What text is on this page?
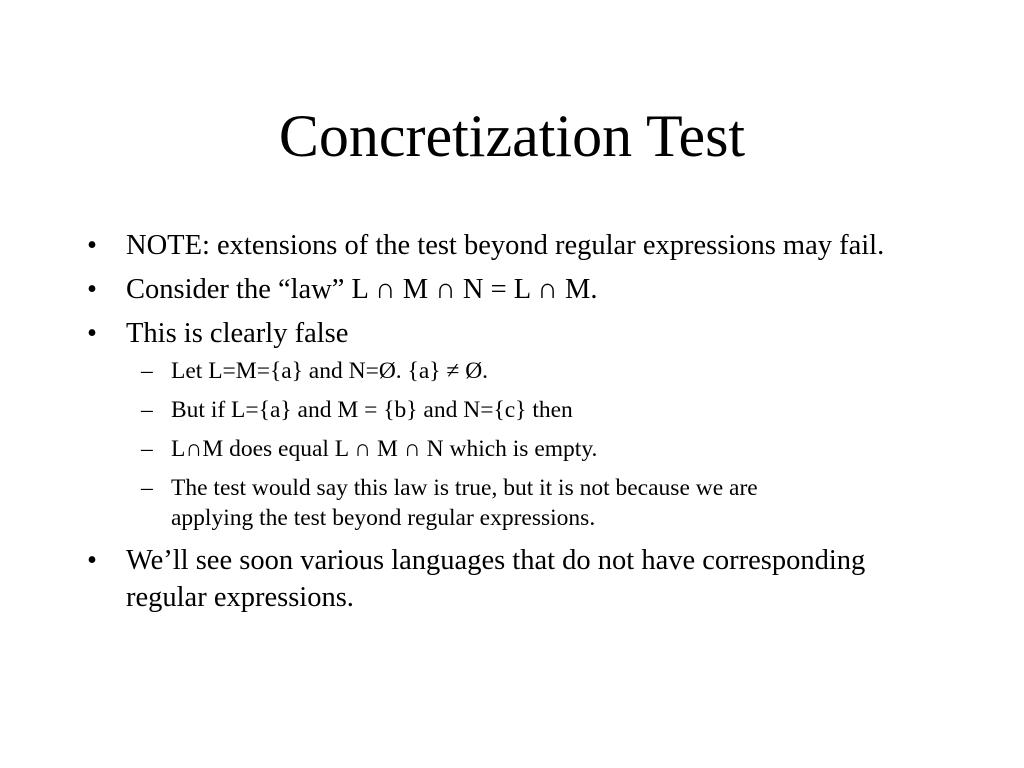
Concretization Test
• NOTE: extensions of the test beyond regular expressions may fail.
• Consider the “law” L ∩ M ∩ N = L ∩ M.
• This is clearly false
– Let L=M={a} and N=Ø. {a} ≠ Ø.
– But if L={a} and M = {b} and N={c} then
– L∩M does equal L ∩ M ∩ N which is empty.
– The test would say this law is true, but it is not because we are applying the test beyond regular expressions.
• We’ll see soon various languages that do not have corresponding regular expressions.
